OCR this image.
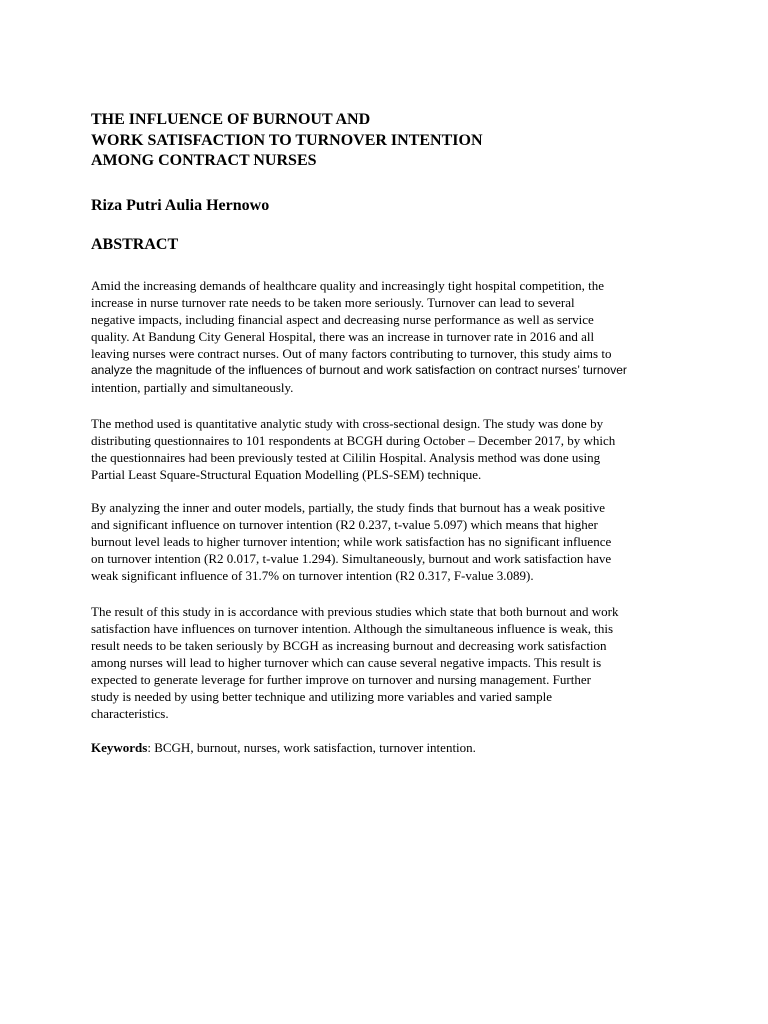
THE INFLUENCE OF BURNOUT AND
WORK SATISFACTION TO TURNOVER INTENTION
AMONG CONTRACT NURSES
Riza Putri Aulia Hernowo
ABSTRACT

Amid the increasing demands of healthcare quality and increasingly tight hospital competition, the
increase in nurse turnover rate needs to be taken more seriously. Turnover can lead to several
negative impacts, including financial aspect and decreasing nurse performance as well as service
quality. At Bandung City General Hospital, there was an increase in turnover rate in 2016 and all
leaving nurses were contract nurses. Out of many factors contributing to turnover, this study aims to
analyze the magnitude of the influences of burnout and work satisfaction on contract nurses’ turnover
intention, partially and simultaneously.

The method used is quantitative analytic study with cross-sectional design. The study was done by
distributing questionnaires to 101 respondents at BCGH during October – December 2017, by which
the questionnaires had been previously tested at Cililin Hospital. Analysis method was done using
Partial Least Square-Structural Equation Modelling (PLS-SEM) technique.

By analyzing the inner and outer models, partially, the study finds that burnout has a weak positive
and significant influence on turnover intention (R2 0.237, t-value 5.097) which means that higher
burnout level leads to higher turnover intention; while work satisfaction has no significant influence
on turnover intention (R2 0.017, t-value 1.294). Simultaneously, burnout and work satisfaction have
weak significant influence of 31.7% on turnover intention (R2 0.317, F-value 3.089).

The result of this study in is accordance with previous studies which state that both burnout and work
satisfaction have influences on turnover intention. Although the simultaneous influence is weak, this
result needs to be taken seriously by BCGH as increasing burnout and decreasing work satisfaction
among nurses will lead to higher turnover which can cause several negative impacts. This result is
expected to generate leverage for further improve on turnover and nursing management. Further
study is needed by using better technique and utilizing more variables and varied sample
characteristics.

Keywords: BCGH, burnout, nurses, work satisfaction, turnover intention.
